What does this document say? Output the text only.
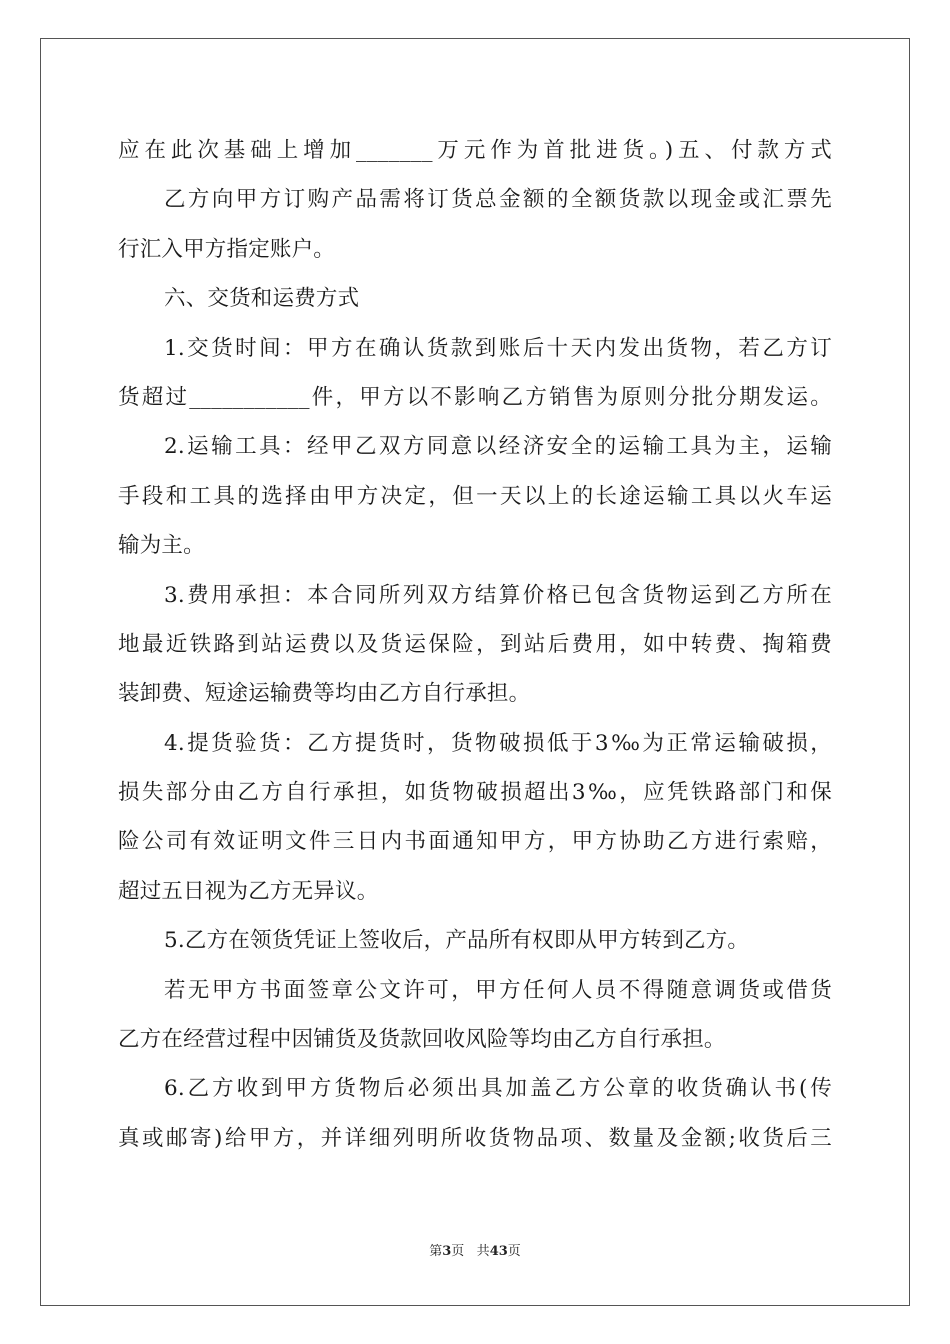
应在此次基础上增加_______万元作为首批进货。)五、付款方式
乙方向甲方订购产品需将订货总金额的全额货款以现金或汇票先
行汇入甲方指定账户。
六、交货和运费方式
1.交货时间：甲方在确认货款到账后十天内发出货物，若乙方订
货超过___________件，甲方以不影响乙方销售为原则分批分期发运。
2.运输工具：经甲乙双方同意以经济安全的运输工具为主，运输
手段和工具的选择由甲方决定，但一天以上的长途运输工具以火车运
输为主。
3.费用承担：本合同所列双方结算价格已包含货物运到乙方所在
地最近铁路到站运费以及货运保险，到站后费用，如中转费、掏箱费
装卸费、短途运输费等均由乙方自行承担。
4.提货验货：乙方提货时，货物破损低于3‰为正常运输破损，
损失部分由乙方自行承担，如货物破损超出3‰，应凭铁路部门和保
险公司有效证明文件三日内书面通知甲方，甲方协助乙方进行索赔，
超过五日视为乙方无异议。
5.乙方在领货凭证上签收后，产品所有权即从甲方转到乙方。
若无甲方书面签章公文许可，甲方任何人员不得随意调货或借货
乙方在经营过程中因铺货及货款回收风险等均由乙方自行承担。
6.乙方收到甲方货物后必须出具加盖乙方公章的收货确认书(传
真或邮寄)给甲方，并详细列明所收货物品项、数量及金额;收货后三
第3页 共43页
